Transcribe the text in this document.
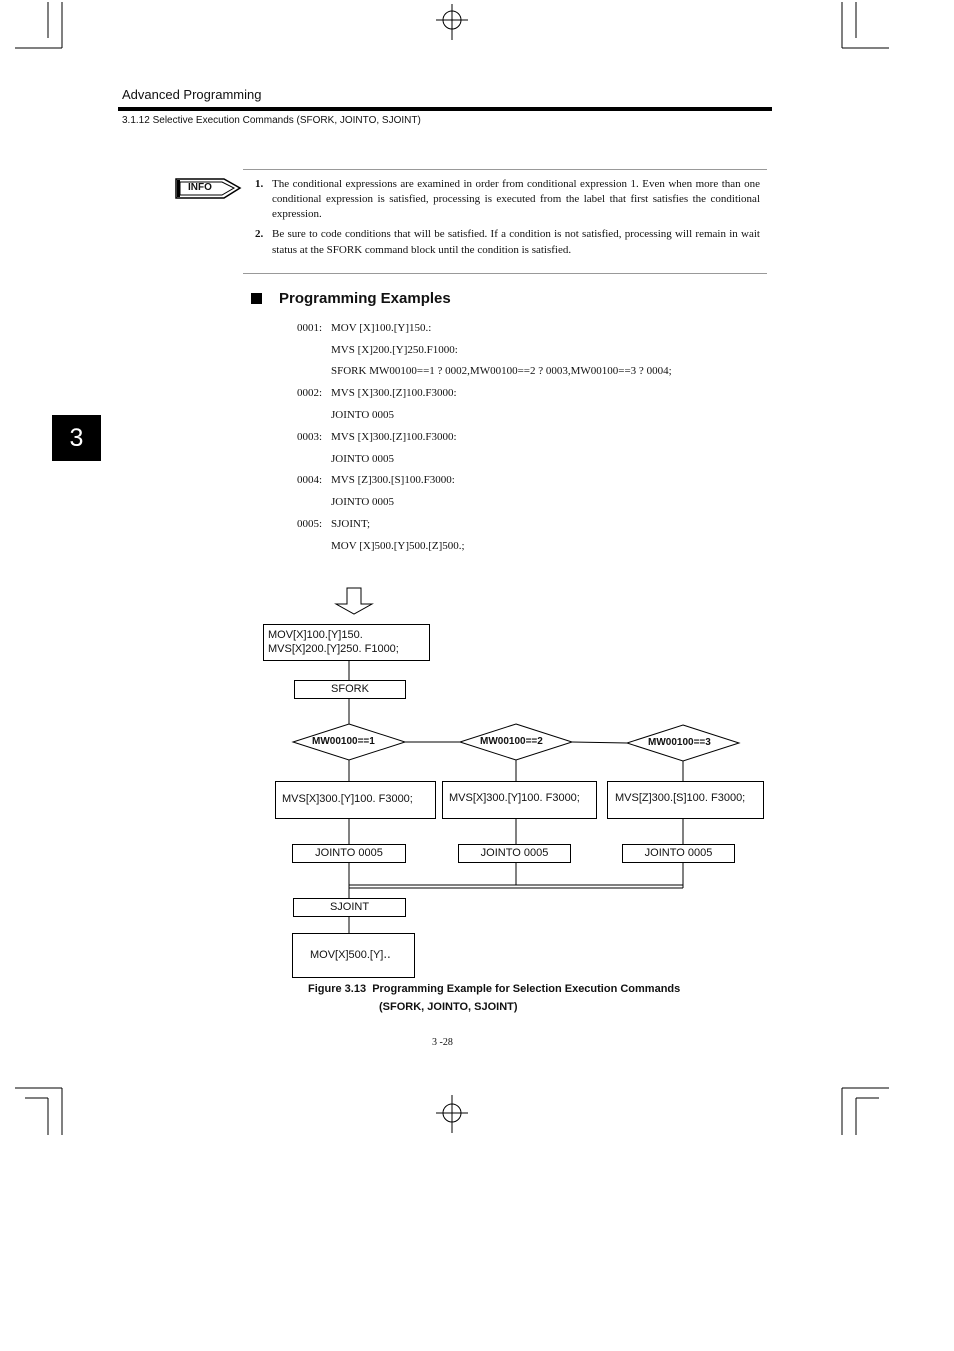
Advanced Programming
3.1.12 Selective Execution Commands (SFORK, JOINTO, SJOINT)
3
INFO	1. The conditional expressions are examined in order from conditional expression 1. Even when more than one conditional expression is satisfied, processing is executed from the label that first satisfies the conditional expression.
2. Be sure to code conditions that will be satisfied. If a condition is not satisfied, processing will remain in wait status at the SFORK command block until the condition is satisfied.
Programming Examples
0001: MOV [X]100.[Y]150.:
MVS [X]200.[Y]250.F1000:
SFORK MW00100==1 ? 0002,MW00100==2 ? 0003,MW00100==3 ? 0004;
0002: MVS [X]300.[Z]100.F3000:
JOINTO 0005
0003: MVS [X]300.[Z]100.F3000:
JOINTO 0005
0004: MVS [Z]300.[S]100.F3000:
JOINTO 0005
0005: SJOINT;
MOV [X]500.[Y]500.[Z]500.;
MOV[X]100.[Y]150.
MVS[X]200.[Y]250. F1000;
SFORK
MW00100==1	MW00100==2	MW00100==3
MVS[X]300.[Y]100. F3000;	MVS[X]300.[Y]100. F3000;	MVS[Z]300.[S]100. F3000;
JOINTO 0005	JOINTO 0005	JOINTO 0005
SJOINT
MOV[X]500.[Y]‥
Figure 3.13  Programming Example for Selection Execution Commands
(SFORK, JOINTO, SJOINT)
3 -28
